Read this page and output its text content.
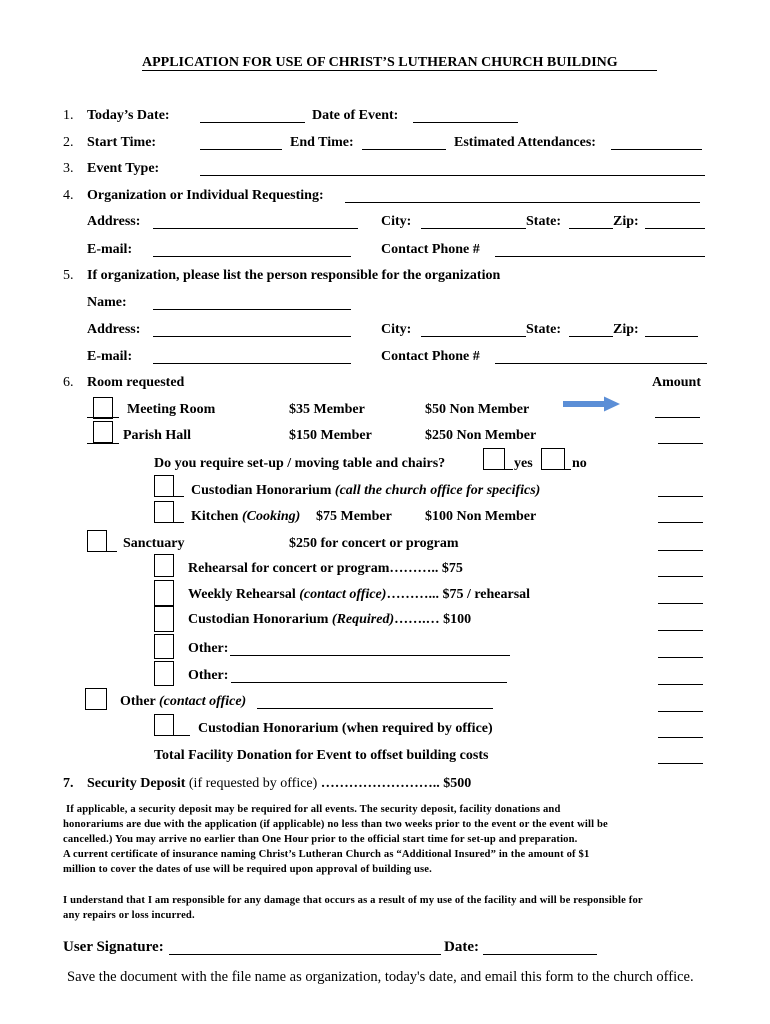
APPLICATION FOR USE OF CHRIST’S LUTHERAN CHURCH BUILDING
1. Today’s Date:	Date of Event:
2. Start Time:	End Time:	Estimated Attendances:
3. Event Type:
4. Organization or Individual Requesting:
Address:	City:	State:	Zip:
E-mail:	Contact Phone #
5. If organization, please list the person responsible for the organization
Name:
Address:	City:	State:	Zip:
E-mail:	Contact Phone #
6. Room requested	Amount
Meeting Room	$35 Member	$50 Non Member
Parish Hall	$150 Member	$250 Non Member
Do you require set-up / moving table and chairs?	yes	no
Custodian Honorarium (call the church office for specifics)
Kitchen (Cooking) $75 Member $100 Non Member
Sanctuary	$250 for concert or program
Rehearsal for concert or program……….. $75
Weekly Rehearsal (contact office)………... $75 / rehearsal
Custodian Honorarium (Required)…….… $100
Other:
Other:
Other (contact office)
Custodian Honorarium (when required by office)
Total Facility Donation for Event to offset building costs
7. Security Deposit (if requested by office) …………………….. $500
If applicable, a security deposit may be required for all events. The security deposit, facility donations and
honorariums are due with the application (if applicable) no less than two weeks prior to the event or the event will be
cancelled.) You may arrive no earlier than One Hour prior to the official start time for set-up and preparation.
A current certificate of insurance naming Christ’s Lutheran Church as “Additional Insured” in the amount of $1
million to cover the dates of use will be required upon approval of building use.
I understand that I am responsible for any damage that occurs as a result of my use of the facility and will be responsible for
any repairs or loss incurred.
User Signature:	Date:
Save the document with the file name as organization, today's date, and email this form to the church office.
